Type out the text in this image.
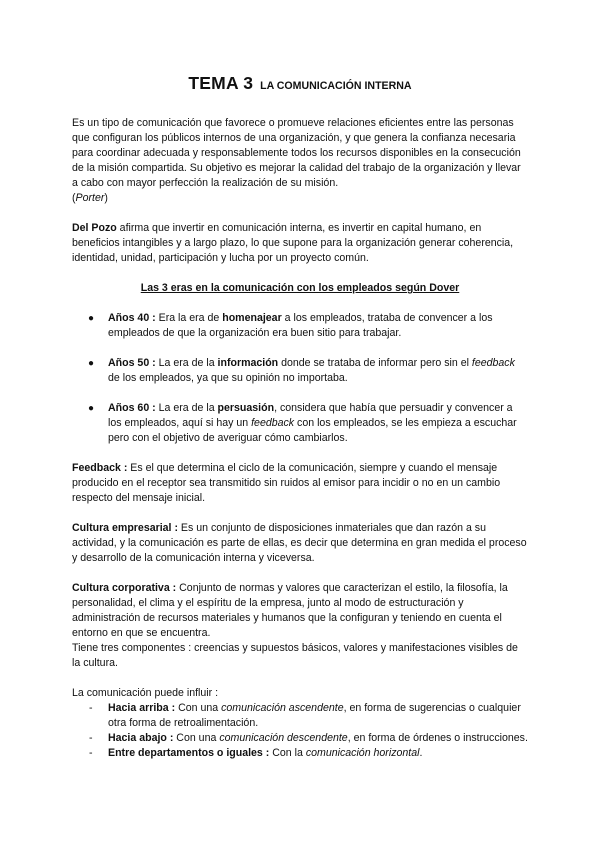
TEMA 3 LA COMUNICACIÓN INTERNA

Es un tipo de comunicación que favorece o promueve relaciones eficientes entre las personas que configuran los públicos internos de una organización, y que genera la confianza necesaria para coordinar adecuada y responsablemente todos los recursos disponibles en la consecución de la misión compartida. Su objetivo es mejorar la calidad del trabajo de la organización y llevar a cabo con mayor perfección la realización de su misión.
(Porter)

Del Pozo afirma que invertir en comunicación interna, es invertir en capital humano, en beneficios intangibles y a largo plazo, lo que supone para la organización generar coherencia, identidad, unidad, participación y lucha por un proyecto común.

Las 3 eras en la comunicación con los empleados según Dover
● Años 40 : Era la era de homenajear a los empleados, trataba de convencer a los empleados de que la organización era buen sitio para trabajar.
● Años 50 : La era de la información donde se trataba de informar pero sin el feedback de los empleados, ya que su opinión no importaba.
● Años 60 : La era de la persuasión, considera que había que persuadir y convencer a los empleados, aquí si hay un feedback con los empleados, se les empieza a escuchar pero con el objetivo de averiguar cómo cambiarlos.

Feedback : Es el que determina el ciclo de la comunicación, siempre y cuando el mensaje producido en el receptor sea transmitido sin ruidos al emisor para incidir o no en un cambio respecto del mensaje inicial.

Cultura empresarial : Es un conjunto de disposiciones inmateriales que dan razón a su actividad, y la comunicación es parte de ellas, es decir que determina en gran medida el proceso y desarrollo de la comunicación interna y viceversa.

Cultura corporativa : Conjunto de normas y valores que caracterizan el estilo, la filosofía, la personalidad, el clima y el espíritu de la empresa, junto al modo de estructuración y administración de recursos materiales y humanos que la configuran y teniendo en cuenta el entorno en que se encuentra.

Tiene tres componentes : creencias y supuestos básicos, valores y manifestaciones visibles de la cultura.

La comunicación puede influir :

- Hacia arriba : Con una comunicación ascendente, en forma de sugerencias o cualquier otra forma de retroalimentación.
- Hacia abajo : Con una comunicación descendente, en forma de órdenes o instrucciones.
- Entre departamentos o iguales : Con la comunicación horizontal.
